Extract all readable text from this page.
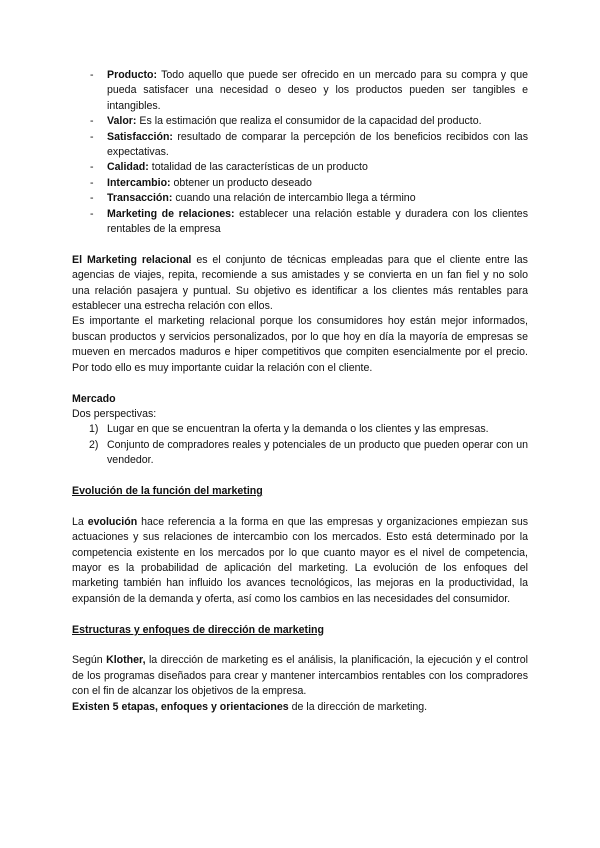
- Producto: Todo aquello que puede ser ofrecido en un mercado para su compra y que pueda satisfacer una necesidad o deseo y los productos pueden ser tangibles e intangibles.
- Valor: Es la estimación que realiza el consumidor de la capacidad del producto.
- Satisfacción: resultado de comparar la percepción de los beneficios recibidos con las expectativas.
- Calidad: totalidad de las características de un producto
- Intercambio: obtener un producto deseado
- Transacción: cuando una relación de intercambio llega a término
- Marketing de relaciones: establecer una relación estable y duradera con los clientes rentables de la empresa

El Marketing relacional es el conjunto de técnicas empleadas para que el cliente entre las agencias de viajes, repita, recomiende a sus amistades y se convierta en un fan fiel y no solo una relación pasajera y puntual. Su objetivo es identificar a los clientes más rentables para establecer una estrecha relación con ellos.

Es importante el marketing relacional porque los consumidores hoy están mejor informados, buscan productos y servicios personalizados, por lo que hoy en día la mayoría de empresas se mueven en mercados maduros e hiper competitivos que compiten esencialmente por el precio. Por todo ello es muy importante cuidar la relación con el cliente.

Mercado

Dos perspectivas:

1) Lugar en que se encuentran la oferta y la demanda o los clientes y las empresas.
2) Conjunto de compradores reales y potenciales de un producto que pueden operar con un vendedor.

Evolución de la función del marketing

La evolución hace referencia a la forma en que las empresas y organizaciones empiezan sus actuaciones y sus relaciones de intercambio con los mercados. Esto está determinado por la competencia existente en los mercados por lo que cuanto mayor es el nivel de competencia, mayor es la probabilidad de aplicación del marketing. La evolución de los enfoques del marketing también han influido los avances tecnológicos, las mejoras en la productividad, la expansión de la demanda y oferta, así como los cambios en las necesidades del consumidor.

Estructuras y enfoques de dirección de marketing

Según Klother, la dirección de marketing es el análisis, la planificación, la ejecución y el control de los programas diseñados para crear y mantener intercambios rentables con los compradores con el fin de alcanzar los objetivos de la empresa.

Existen 5 etapas, enfoques y orientaciones de la dirección de marketing.
